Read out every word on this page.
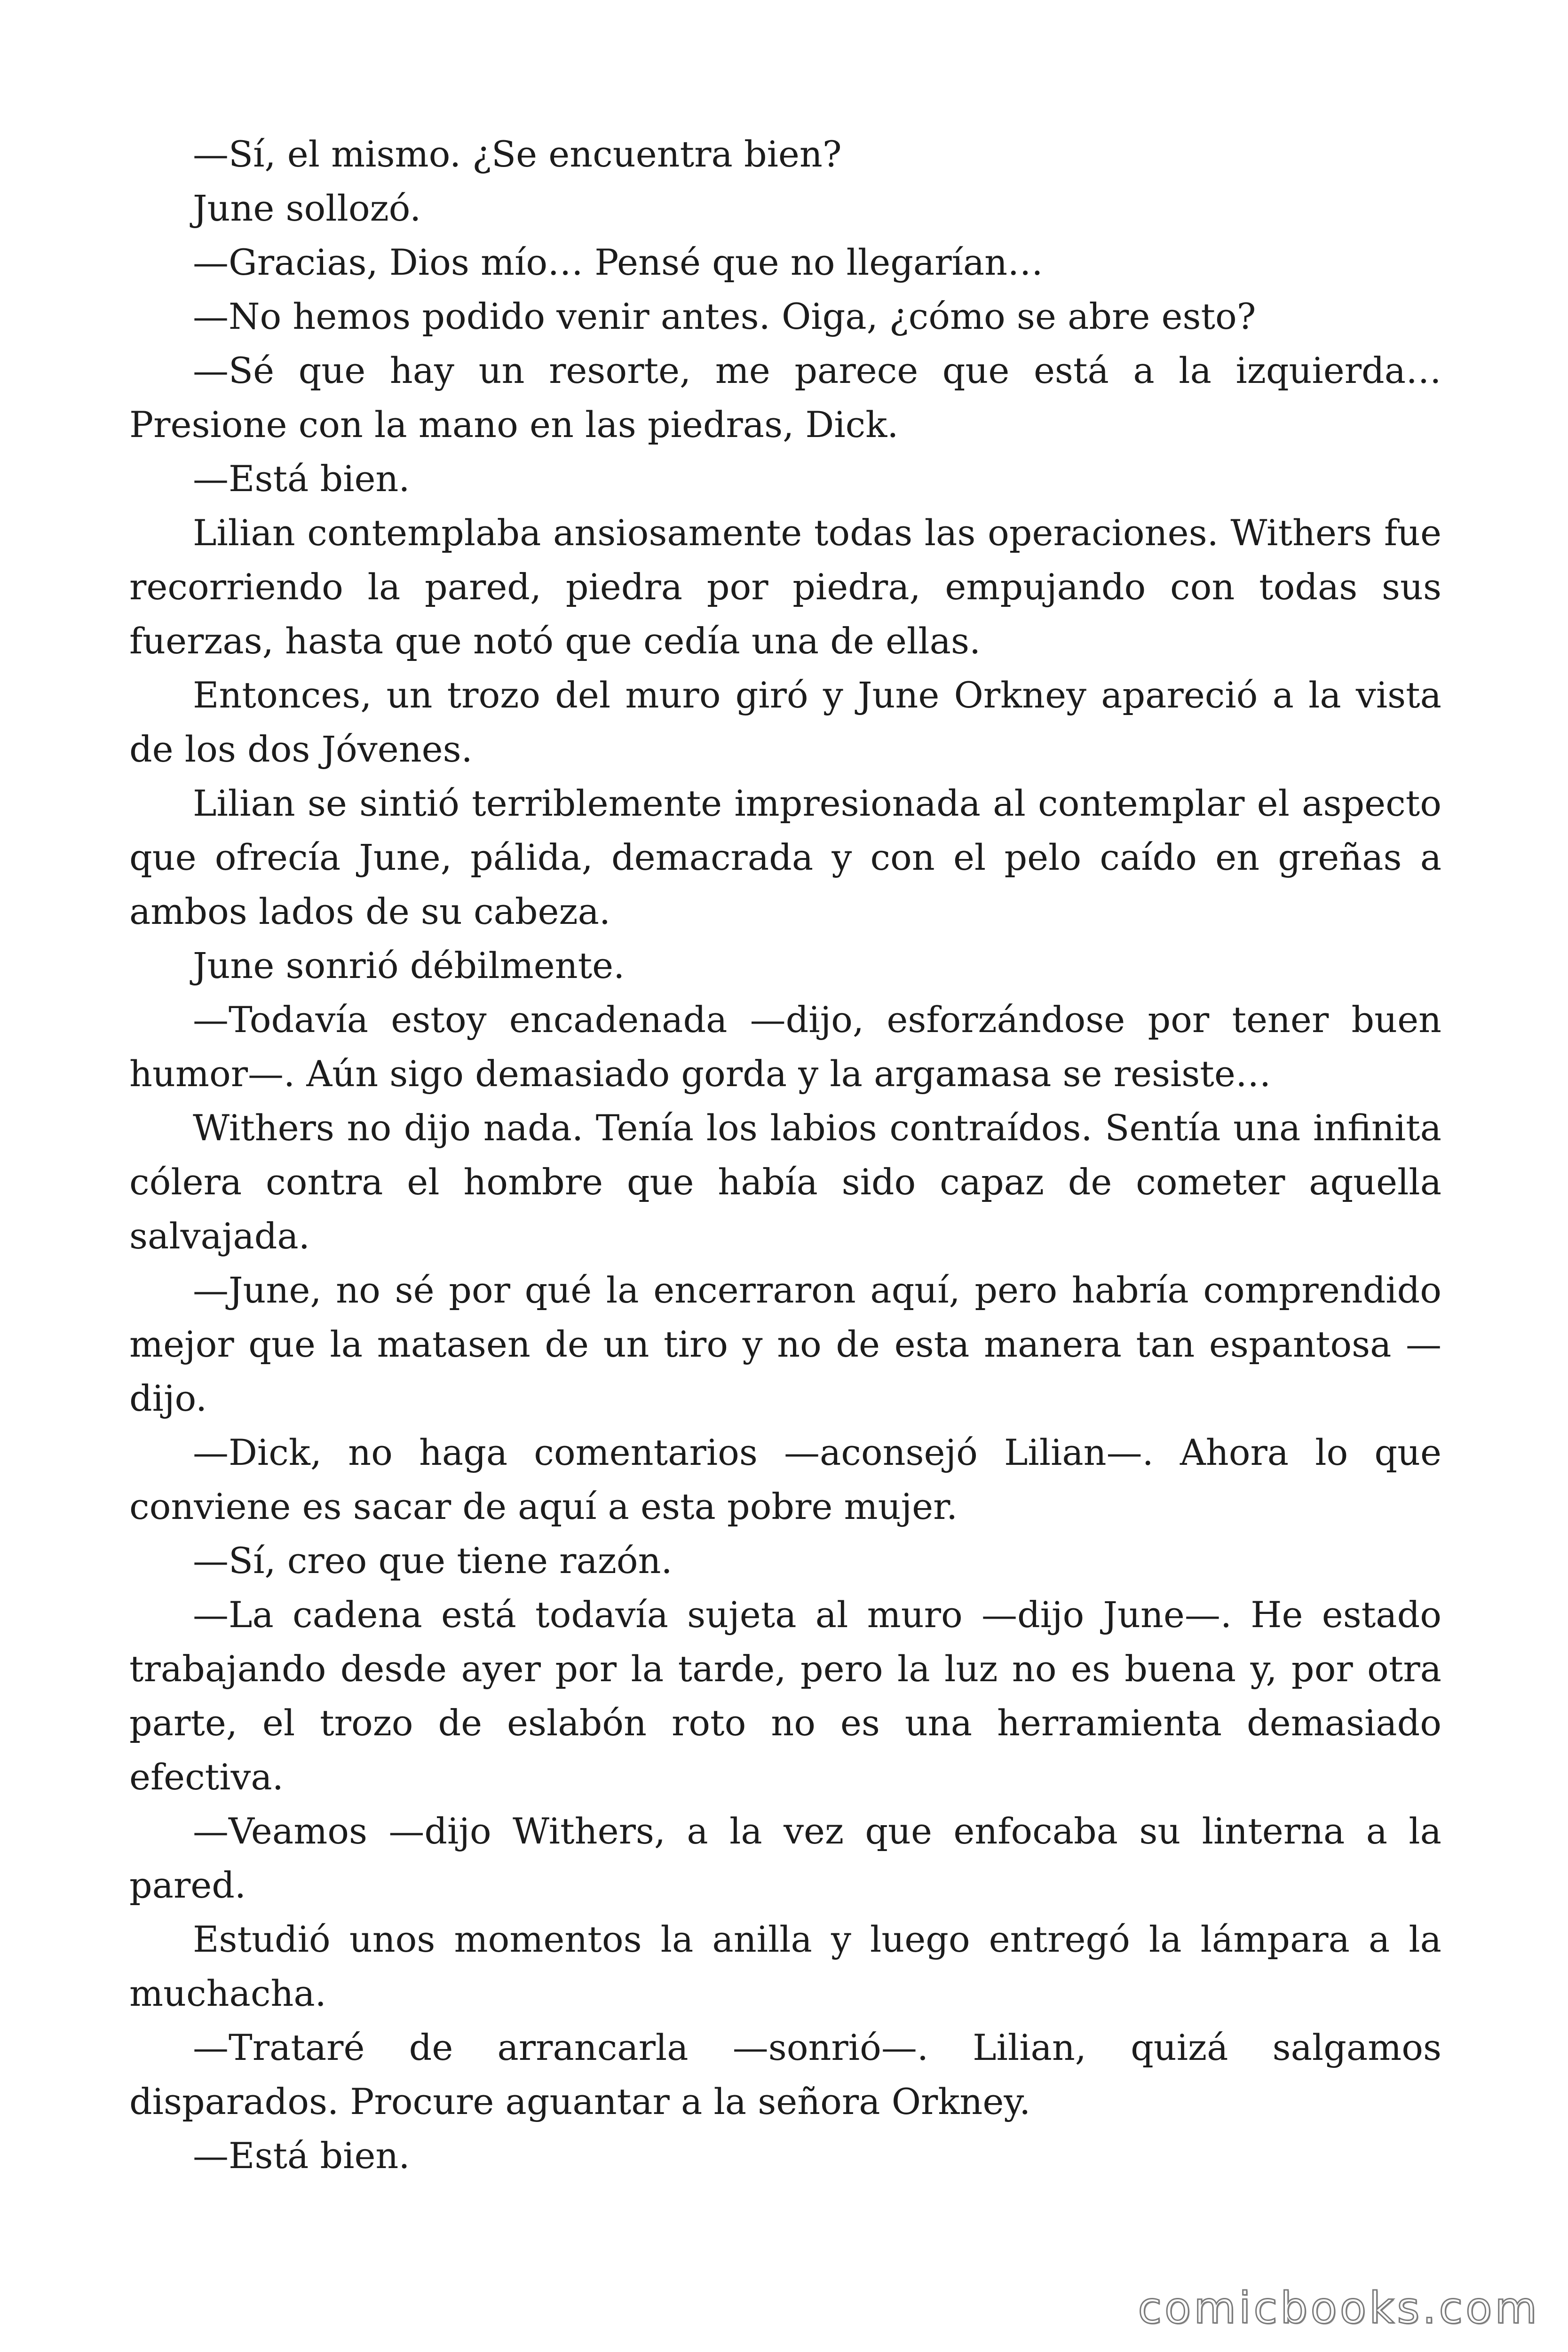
—Sí, el mismo. ¿Se encuentra bien?

June sollozó.

—Gracias, Dios mío… Pensé que no llegarían…

—No hemos podido venir antes. Oiga, ¿cómo se abre esto?

—Sé que hay un resorte, me parece que está a la izquierda… Presione con la mano en las piedras, Dick.

—Está bien.

Lilian contemplaba ansiosamente todas las operaciones. Withers fue recorriendo la pared, piedra por piedra, empujando con todas sus fuerzas, hasta que notó que cedía una de ellas.

Entonces, un trozo del muro giró y June Orkney apareció a la vista de los dos Jóvenes.

Lilian se sintió terriblemente impresionada al contemplar el aspecto que ofrecía June, pálida, demacrada y con el pelo caído en greñas a ambos lados de su cabeza.

June sonrió débilmente.

—Todavía estoy encadenada —dijo, esforzándose por tener buen humor—. Aún sigo demasiado gorda y la argamasa se resiste…

Withers no dijo nada. Tenía los labios contraídos. Sentía una infinita cólera contra el hombre que había sido capaz de cometer aquella salvajada.

—June, no sé por qué la encerraron aquí, pero habría comprendido mejor que la matasen de un tiro y no de esta manera tan espantosa —dijo.

—Dick, no haga comentarios —aconsejó Lilian—. Ahora lo que conviene es sacar de aquí a esta pobre mujer.

—Sí, creo que tiene razón.

—La cadena está todavía sujeta al muro —dijo June—. He estado trabajando desde ayer por la tarde, pero la luz no es buena y, por otra parte, el trozo de eslabón roto no es una herramienta demasiado efectiva.

—Veamos —dijo Withers, a la vez que enfocaba su linterna a la pared.

Estudió unos momentos la anilla y luego entregó la lámpara a la muchacha.

—Trataré de arrancarla —sonrió—. Lilian, quizá salgamos disparados. Procure aguantar a la señora Orkney.

—Está bien.

comicbooks.com
